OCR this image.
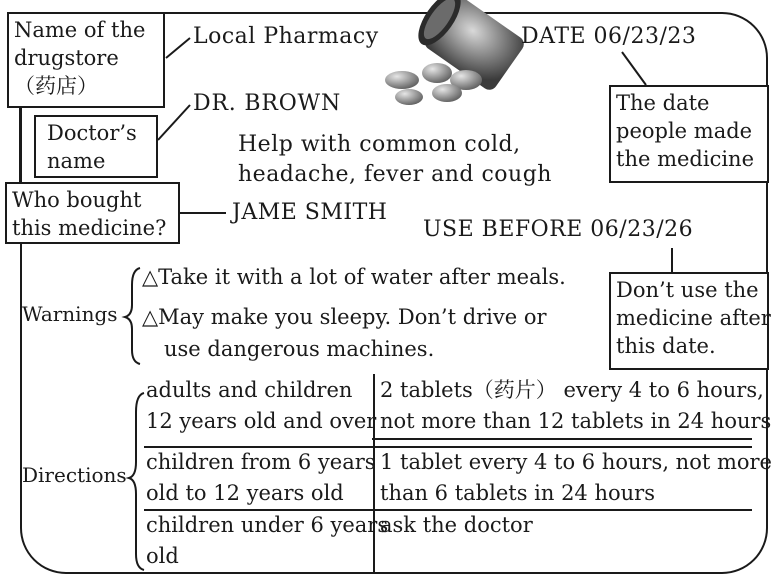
Name of the
drugstore
（药店）
Doctor’s
name
Who bought
this medicine?
The date
people made
the medicine
Don’t use the
medicine after
this date.
Local Pharmacy	DATE 06/23/23
DR. BROWN
Help with common cold,
headache, fever and cough
JAME SMITH
USE BEFORE 06/23/26
Warnings
△Take it with a lot of water after meals.
△May make you sleepy. Don’t drive or
use dangerous machines.
Directions
adults and children
12 years old and over
2 tablets（药片） every 4 to 6 hours,
not more than 12 tablets in 24 hours
children from 6 years
old to 12 years old
1 tablet every 4 to 6 hours, not more
than 6 tablets in 24 hours
children under 6 years
old
ask the doctor
